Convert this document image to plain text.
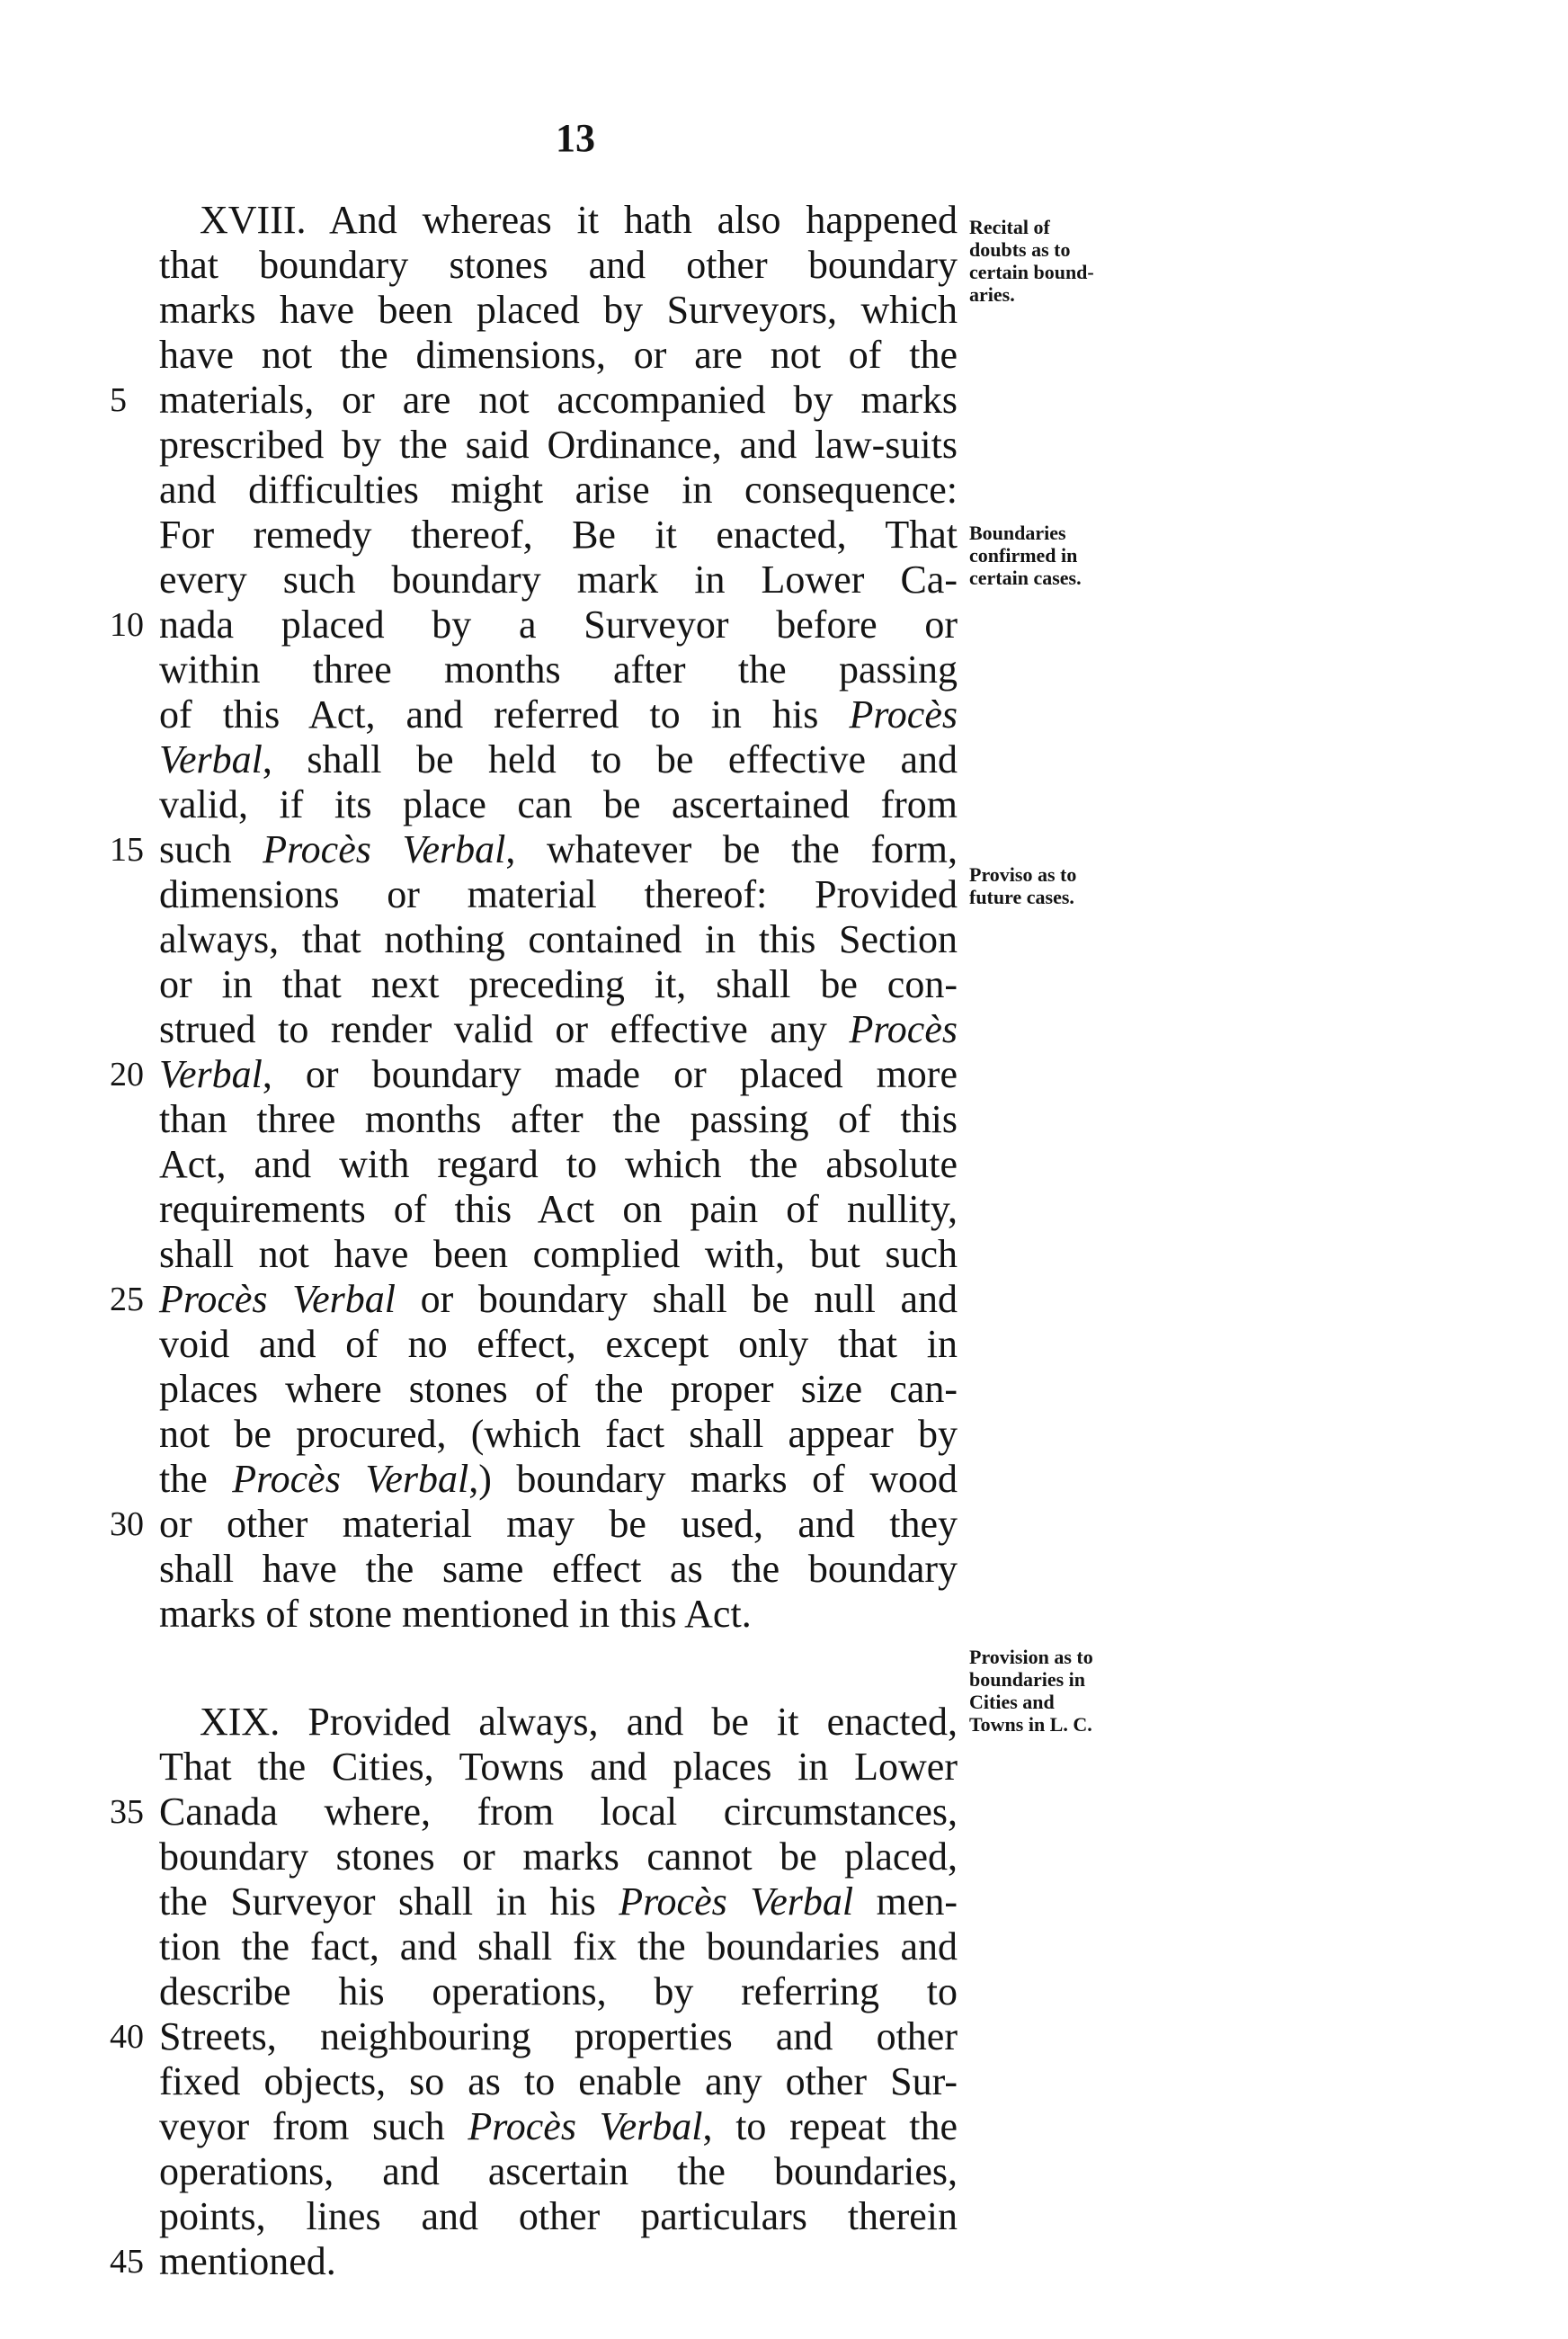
13
XVIII. And whereas it hath also happened
that boundary stones and other boundary
marks have been placed by Surveyors, which
have not the dimensions, or are not of the
materials, or are not accompanied by marks
5
prescribed by the said Ordinance, and law-suits
and difficulties might arise in consequence:
For remedy thereof, Be it enacted, That
every such boundary mark in Lower Ca-
nada placed by a Surveyor before or
10
within three months after the passing
of this Act, and referred to in his Procès
Verbal, shall be held to be effective and
valid, if its place can be ascertained from
such Procès Verbal, whatever be the form,
15
dimensions or material thereof: Provided
always, that nothing contained in this Section
or in that next preceding it, shall be con-
strued to render valid or effective any Procès
Verbal, or boundary made or placed more
20
than three months after the passing of this
Act, and with regard to which the absolute
requirements of this Act on pain of nullity,
shall not have been complied with, but such
Procès Verbal or boundary shall be null and
25
void and of no effect, except only that in
places where stones of the proper size can-
not be procured, (which fact shall appear by
the Procès Verbal,) boundary marks of wood
or other material may be used, and they
30
shall have the same effect as the boundary
marks of stone mentioned in this Act.
XIX. Provided always, and be it enacted,
That the Cities, Towns and places in Lower
Canada where, from local circumstances,
35
boundary stones or marks cannot be placed,
the Surveyor shall in his Procès Verbal men-
tion the fact, and shall fix the boundaries and
describe his operations, by referring to
Streets, neighbouring properties and other
40
fixed objects, so as to enable any other Sur-
veyor from such Procès Verbal, to repeat the
operations, and ascertain the boundaries,
points, lines and other particulars therein
mentioned.
45
Recital of
doubts as to
certain bound-
aries.
Boundaries
confirmed in
certain cases.
Proviso as to
future cases.
Provision as to
boundaries in
Cities and
Towns in L. C.
